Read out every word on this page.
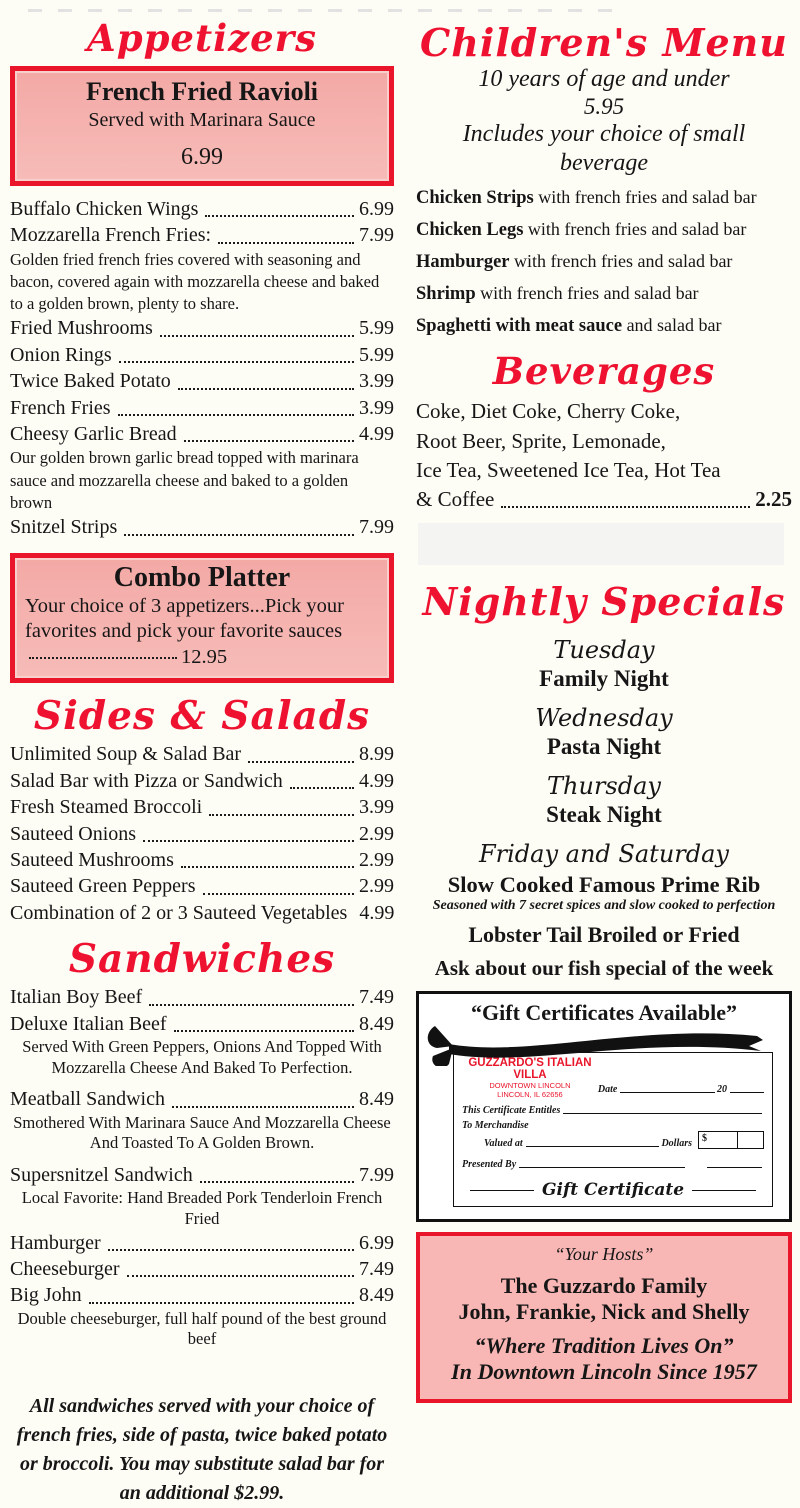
Appetizers
French Fried Ravioli
Served with Marinara Sauce
6.99
Buffalo Chicken Wings	6.99
Mozzarella French Fries:	7.99
Golden fried french fries covered with seasoning and bacon, covered again with mozzarella cheese and baked to a golden brown, plenty to share.
Fried Mushrooms	5.99
Onion Rings	5.99
Twice Baked Potato	3.99
French Fries	3.99
Cheesy Garlic Bread	4.99
Our golden brown garlic bread topped with marinara sauce and mozzarella cheese and baked to a golden brown
Snitzel Strips	7.99
Combo Platter
Your choice of 3 appetizers...Pick your favorites and pick your favorite sauces12.95
Sides & Salads
Unlimited Soup & Salad Bar	8.99
Salad Bar with Pizza or Sandwich	4.99
Fresh Steamed Broccoli	3.99
Sauteed Onions	2.99
Sauteed Mushrooms	2.99
Sauteed Green Peppers	2.99
Combination of 2 or 3 Sauteed Vegetables 4.99
Sandwiches
Italian Boy Beef	7.49
Deluxe Italian Beef	8.49
Served With Green Peppers, Onions And Topped With Mozzarella Cheese And Baked To Perfection.
Meatball Sandwich	8.49
Smothered With Marinara Sauce And Mozzarella Cheese And Toasted To A Golden Brown.
Supersnitzel Sandwich	7.99
Local Favorite: Hand Breaded Pork Tenderloin French Fried
Hamburger	6.99
Cheeseburger	7.49
Big John	8.49
Double cheeseburger, full half pound of the best ground beef
All sandwiches served with your choice of french fries, side of pasta, twice baked potato or broccoli. You may substitute salad bar for an additional $2.99.
Children's Menu
10 years of age and under
5.95
Includes your choice of small beverage
Chicken Strips with french fries and salad bar
Chicken Legs with french fries and salad bar
Hamburger with french fries and salad bar
Shrimp with french fries and salad bar
Spaghetti with meat sauce and salad bar
Beverages
Coke, Diet Coke, Cherry Coke,
Root Beer, Sprite, Lemonade,
Ice Tea, Sweetened Ice Tea, Hot Tea
& Coffee	2.25
Nightly Specials
Tuesday
Family Night
Wednesday
Pasta Night
Thursday
Steak Night
Friday and Saturday
Slow Cooked Famous Prime Rib
Seasoned with 7 secret spices and slow cooked to perfection
Lobster Tail Broiled or Fried
Ask about our fish special of the week
“Gift Certificates Available”
GUZZARDO'S ITALIAN VILLA
DOWNTOWN LINCOLN
LINCOLN, IL 62656	Date	20
This Certificate Entitles
To Merchandise
Valued at	Dollars	$
Presented By
Gift Certificate
“Your Hosts”
The Guzzardo Family
John, Frankie, Nick and Shelly
“Where Tradition Lives On”
In Downtown Lincoln Since 1957
